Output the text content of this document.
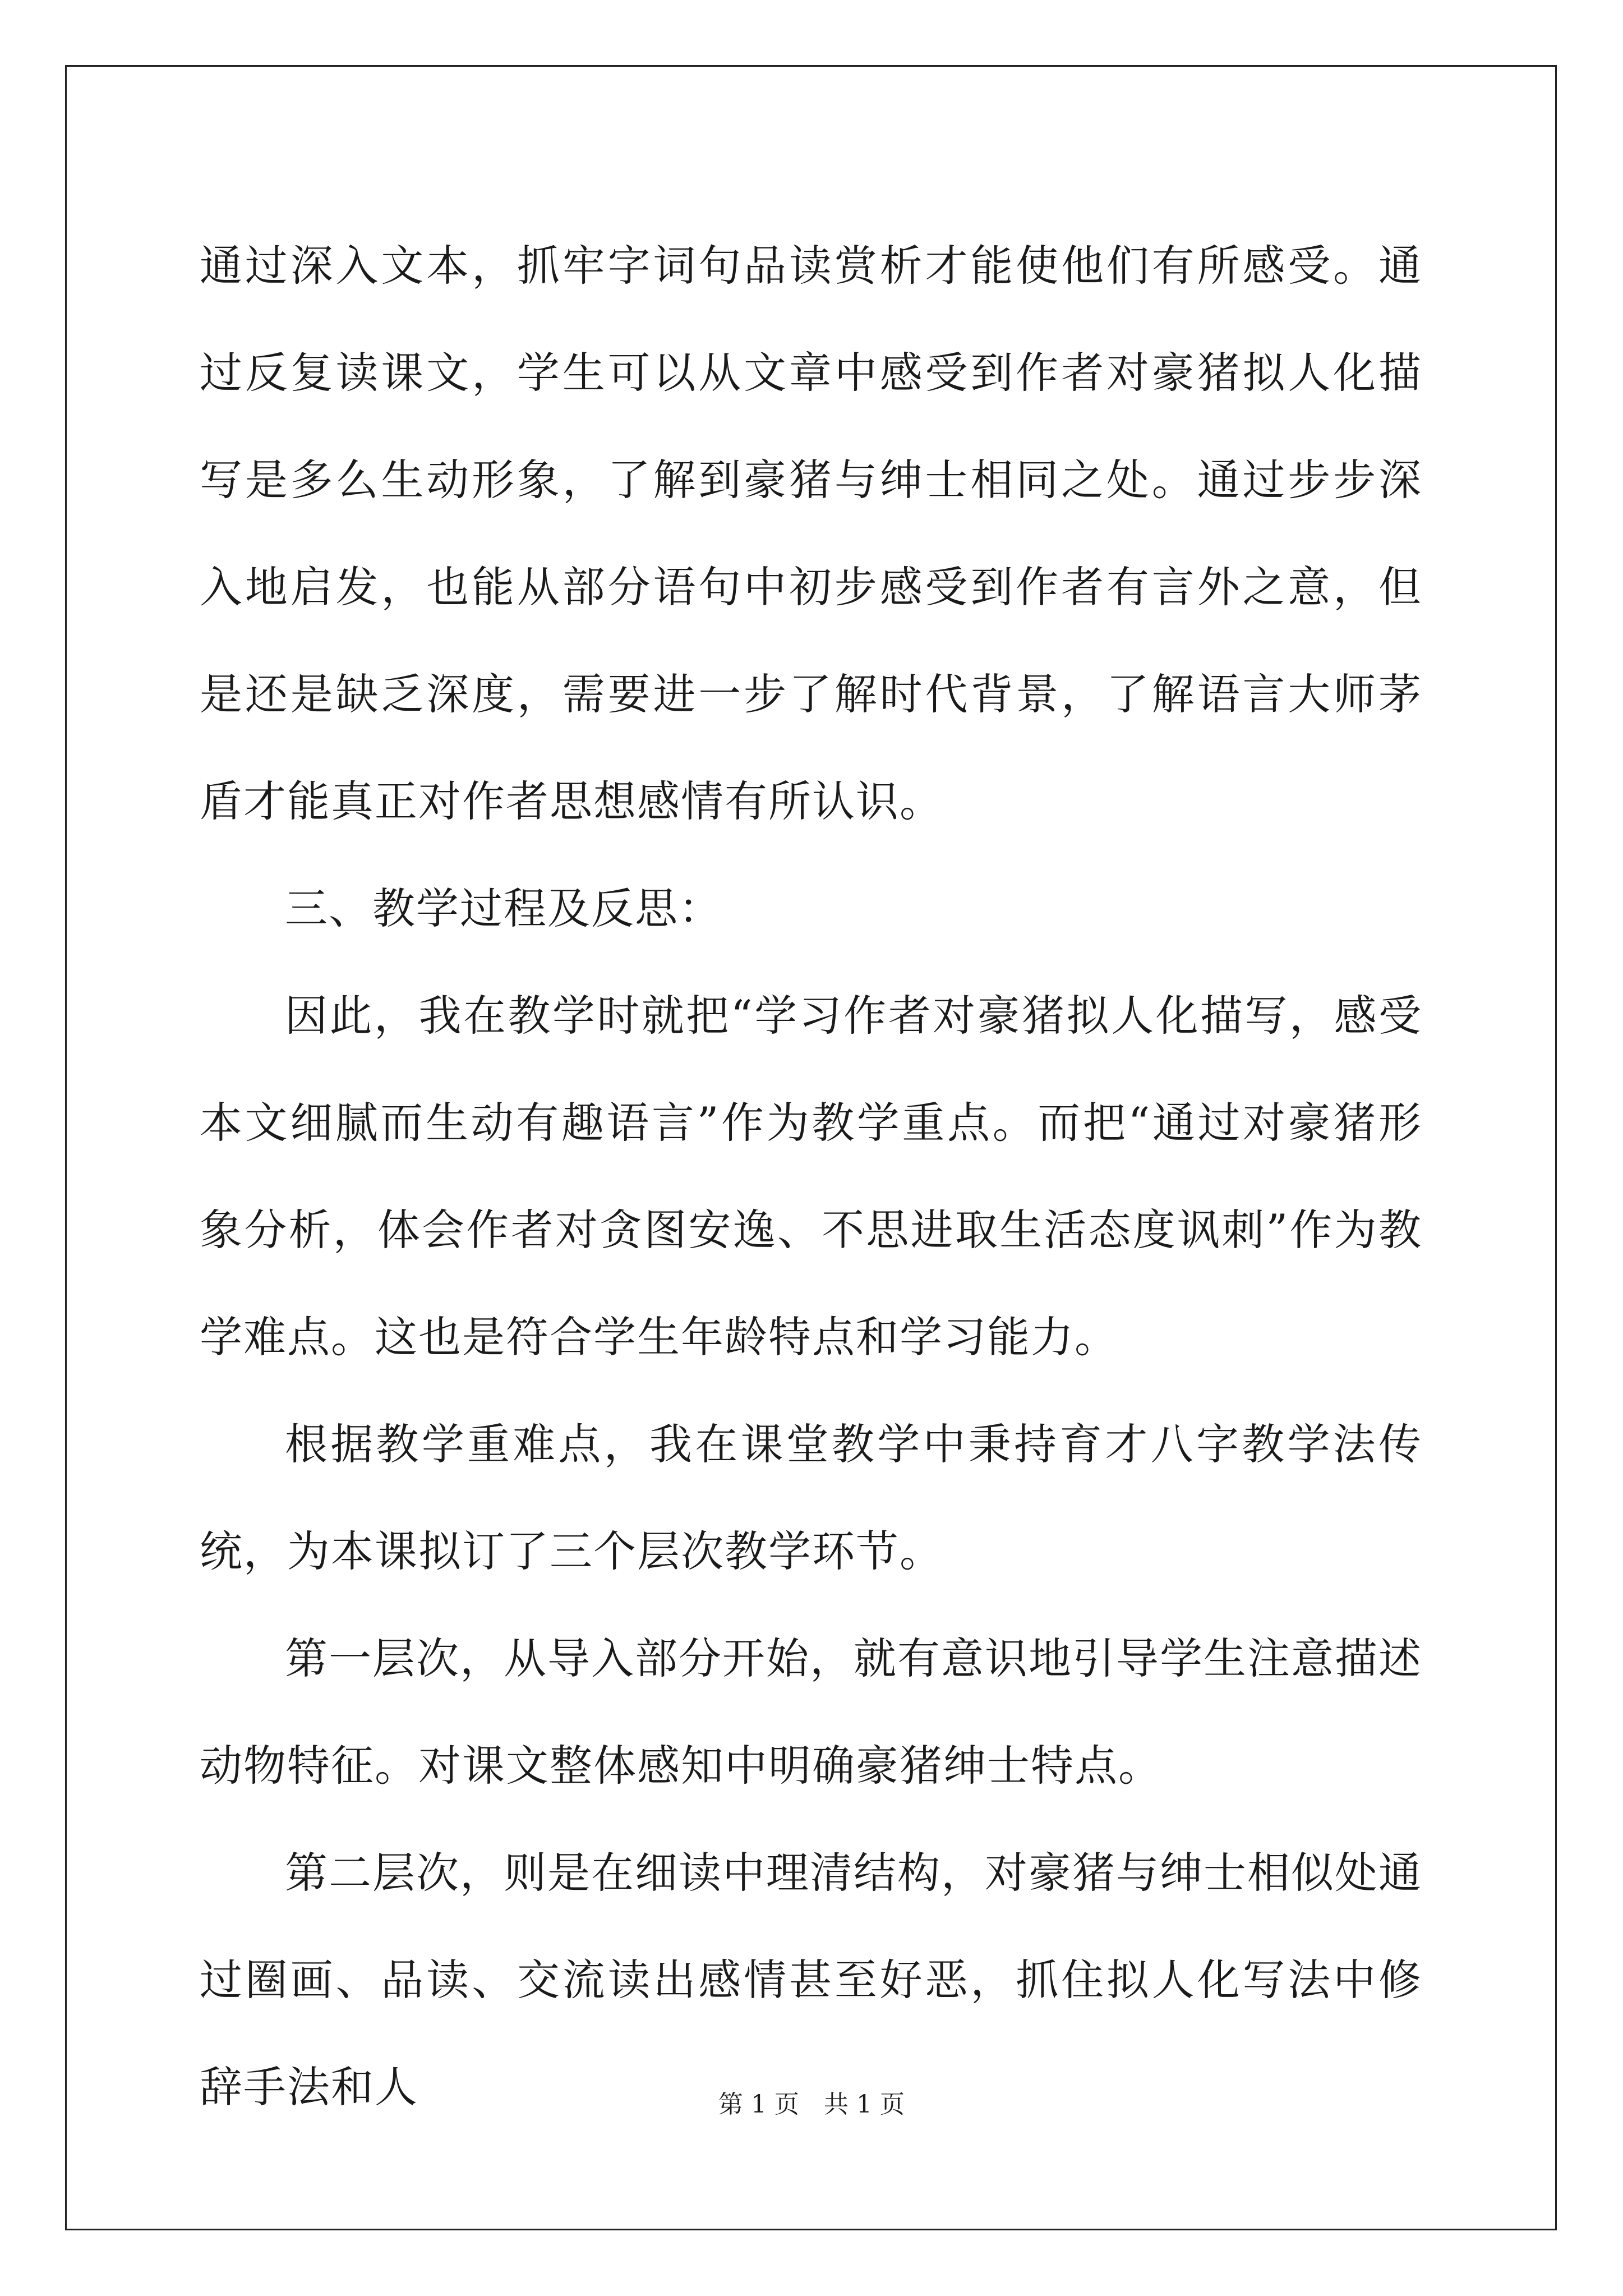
通过深入文本，抓牢字词句品读赏析才能使他们有所感受。通过反复读课文，学生可以从文章中感受到作者对豪猪拟人化描写是多么生动形象，了解到豪猪与绅士相同之处。通过步步深入地启发，也能从部分语句中初步感受到作者有言外之意，但是还是缺乏深度，需要进一步了解时代背景，了解语言大师茅盾才能真正对作者思想感情有所认识。

三、教学过程及反思：

因此，我在教学时就把“学习作者对豪猪拟人化描写，感受本文细腻而生动有趣语言”作为教学重点。而把“通过对豪猪形象分析，体会作者对贪图安逸、不思进取生活态度讽刺”作为教学难点。这也是符合学生年龄特点和学习能力。

根据教学重难点，我在课堂教学中秉持育才八字教学法传统，为本课拟订了三个层次教学环节。

第一层次，从导入部分开始，就有意识地引导学生注意描述动物特征。对课文整体感知中明确豪猪绅士特点。

第二层次，则是在细读中理清结构，对豪猪与绅士相似处通过圈画、品读、交流读出感情甚至好恶，抓住拟人化写法中修辞手法和人	第 1 页　共 1 页
